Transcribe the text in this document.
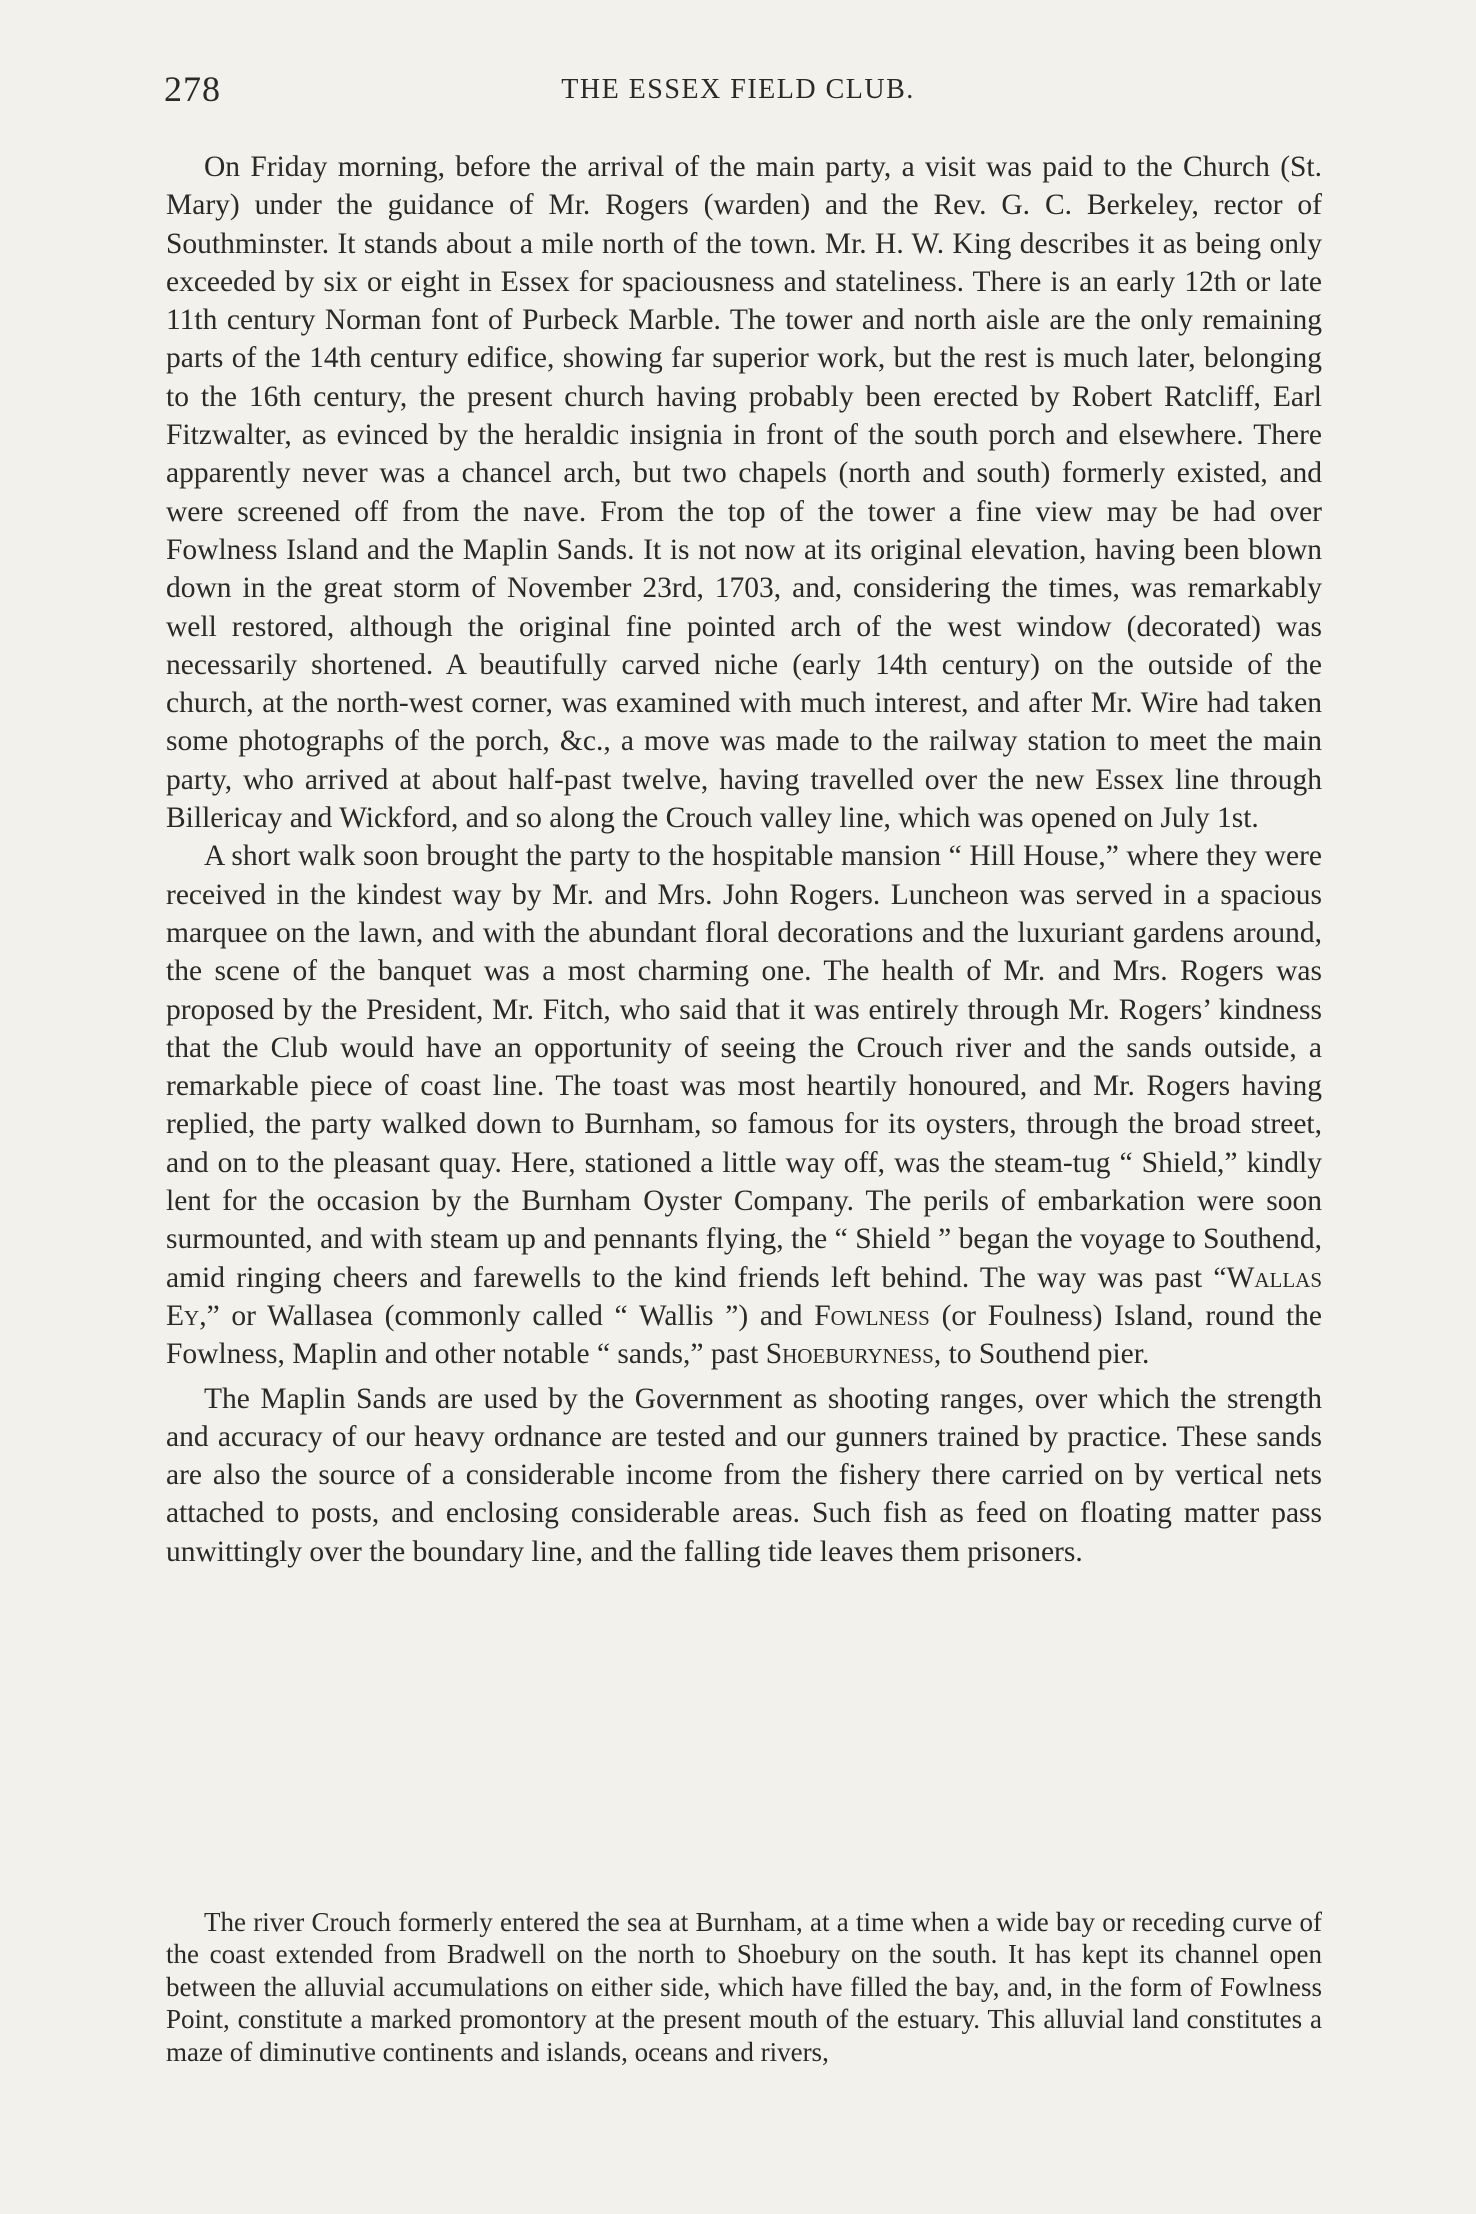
278	THE ESSEX FIELD CLUB.

On Friday morning, before the arrival of the main party, a visit was paid to the Church (St. Mary) under the guidance of Mr. Rogers (warden) and the Rev. G. C. Berkeley, rector of Southminster. It stands about a mile north of the town. Mr. H. W. King describes it as being only exceeded by six or eight in Essex for spaciousness and stateliness. There is an early 12th or late 11th century Norman font of Purbeck Marble. The tower and north aisle are the only remaining parts of the 14th century edifice, showing far superior work, but the rest is much later, belonging to the 16th century, the present church having probably been erected by Robert Ratcliff, Earl Fitzwalter, as evinced by the heraldic insignia in front of the south porch and elsewhere. There apparently never was a chancel arch, but two chapels (north and south) formerly existed, and were screened off from the nave. From the top of the tower a fine view may be had over Fowlness Island and the Maplin Sands. It is not now at its original elevation, having been blown down in the great storm of November 23rd, 1703, and, considering the times, was remarkably well restored, although the original fine pointed arch of the west window (decorated) was necessarily shortened. A beautifully carved niche (early 14th century) on the outside of the church, at the north-west corner, was examined with much interest, and after Mr. Wire had taken some photographs of the porch, &c., a move was made to the railway station to meet the main party, who arrived at about half-past twelve, having travelled over the new Essex line through Billericay and Wickford, and so along the Crouch valley line, which was opened on July 1st.

A short walk soon brought the party to the hospitable mansion “ Hill House,” where they were received in the kindest way by Mr. and Mrs. John Rogers. Luncheon was served in a spacious marquee on the lawn, and with the abundant floral decorations and the luxuriant gardens around, the scene of the banquet was a most charming one. The health of Mr. and Mrs. Rogers was proposed by the President, Mr. Fitch, who said that it was entirely through Mr. Rogers’ kindness that the Club would have an opportunity of seeing the Crouch river and the sands outside, a remarkable piece of coast line. The toast was most heartily honoured, and Mr. Rogers having replied, the party walked down to Burnham, so famous for its oysters, through the broad street, and on to the pleasant quay. Here, stationed a little way off, was the steam-tug “ Shield,” kindly lent for the occasion by the Burnham Oyster Company. The perils of embarkation were soon surmounted, and with steam up and pennants flying, the “ Shield ” began the voyage to Southend, amid ringing cheers and farewells to the kind friends left behind. The way was past “Wallas Ey,” or Wallasea (commonly called “ Wallis ”) and Fowlness (or Foulness) Island, round the Fowlness, Maplin and other notable “ sands,” past Shoeburyness, to Southend pier.

The Maplin Sands are used by the Government as shooting ranges, over which the strength and accuracy of our heavy ordnance are tested and our gunners trained by practice. These sands are also the source of a considerable income from the fishery there carried on by vertical nets attached to posts, and enclosing considerable areas. Such fish as feed on floating matter pass unwittingly over the boundary line, and the falling tide leaves them prisoners.

The river Crouch formerly entered the sea at Burnham, at a time when a wide bay or receding curve of the coast extended from Bradwell on the north to Shoebury on the south. It has kept its channel open between the alluvial accumulations on either side, which have filled the bay, and, in the form of Fowlness Point, constitute a marked promontory at the present mouth of the estuary. This alluvial land constitutes a maze of diminutive continents and islands, oceans and rivers,
